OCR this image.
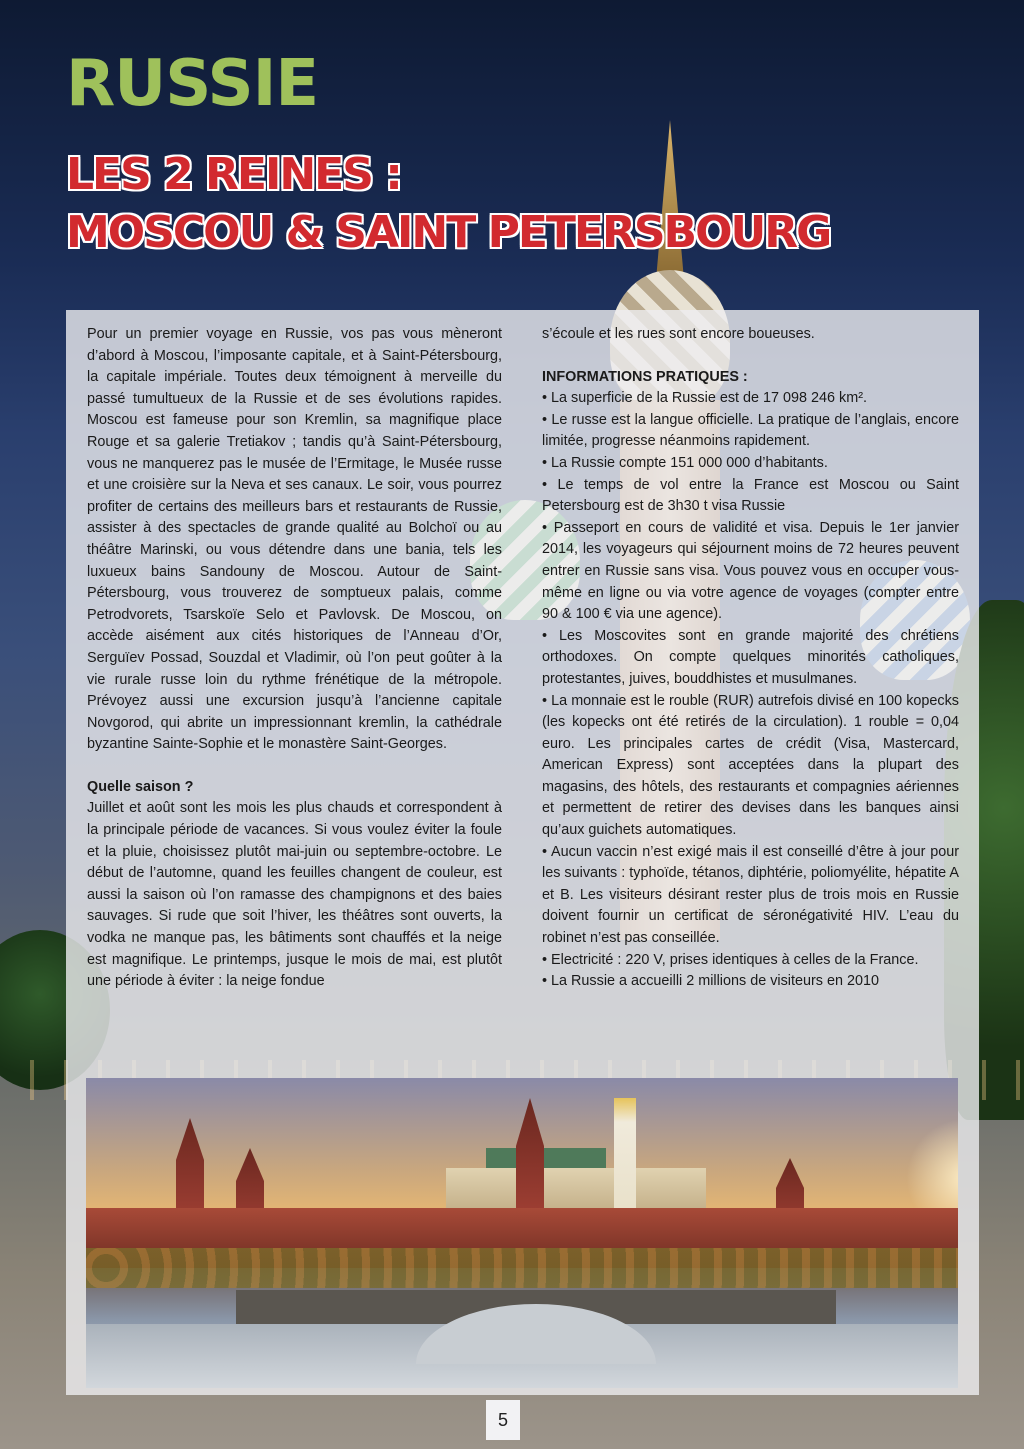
RUSSIE
LES 2 REINES :
MOSCOU & SAINT PETERSBOURG

Pour un premier voyage en Russie, vos pas vous mèneront d’abord à Moscou, l’imposante capitale, et à Saint-Pétersbourg, la capitale impériale. Toutes deux témoignent à merveille du passé tumultueux de la Russie et de ses évolutions rapides. Moscou est fameuse pour son Kremlin, sa magnifique place Rouge et sa galerie Tretiakov ; tandis qu’à Saint-Pétersbourg, vous ne manquerez pas le musée de l’Ermitage, le Musée russe et une croisière sur la Neva et ses canaux. Le soir, vous pourrez profiter de certains des meilleurs bars et restaurants de Russie, assister à des spectacles de grande qualité au Bolchoï ou au théâtre Marinski, ou vous détendre dans une bania, tels les luxueux bains Sandouny de Moscou. Autour de Saint- Pétersbourg, vous trouverez de somptueux palais, comme Petrodvorets, Tsarskoïe Selo et Pavlovsk. De Moscou, on accède aisément aux cités historiques de l’Anneau d’Or, Serguïev Possad, Souzdal et Vladimir, où l’on peut goûter à la vie rurale russe loin du rythme frénétique de la métropole. Prévoyez aussi une excursion jusqu’à l’ancienne capitale Novgorod, qui abrite un impressionnant kremlin, la cathédrale byzantine Sainte-Sophie et le monastère Saint-Georges.

Quelle saison ?

Juillet et août sont les mois les plus chauds et correspondent à la principale période de vacances. Si vous voulez éviter la foule et la pluie, choisissez plutôt mai-juin ou septembre-octobre. Le début de l’automne, quand les feuilles changent de couleur, est aussi la saison où l’on ramasse des champignons et des baies sauvages. Si rude que soit l’hiver, les théâtres sont ouverts, la vodka ne manque pas, les bâtiments sont chauffés et la neige est magnifique. Le printemps, jusque le mois de mai, est plutôt une période à éviter : la neige fondue

s’écoule et les rues sont encore boueuses.

INFORMATIONS PRATIQUES :

• La superficie de la Russie est de 17 098 246 km².
• Le russe est la langue officielle. La pratique de l’anglais, encore limitée, progresse néanmoins rapidement.
• La Russie compte 151 000 000 d’habitants.
• Le temps de vol entre la France est Moscou ou Saint Petersbourg est de 3h30 t visa Russie
• Passeport en cours de validité et visa. Depuis le 1er janvier 2014, les voyageurs qui séjournent moins de 72 heures peuvent entrer en Russie sans visa. Vous pouvez vous en occuper vous-même en ligne ou via votre agence de voyages (compter entre 90 & 100 € via une agence).
• Les Moscovites sont en grande majorité des chrétiens orthodoxes. On compte quelques minorités catholiques, protestantes, juives, bouddhistes et musulmanes.
• La monnaie est le rouble (RUR) autrefois divisé en 100 kopecks (les kopecks ont été retirés de la circulation). 1 rouble = 0,04 euro. Les principales cartes de crédit (Visa, Mastercard, American Express) sont acceptées dans la plupart des magasins, des hôtels, des restaurants et compagnies aériennes et permettent de retirer des devises dans les banques ainsi qu’aux guichets automatiques.
• Aucun vaccin n’est exigé mais il est conseillé d’être à jour pour les suivants : typhoïde, tétanos, diphtérie, poliomyélite, hépatite A et B. Les visiteurs désirant rester plus de trois mois en Russie doivent fournir un certificat de séronégativité HIV. L’eau du robinet n’est pas conseillée.
• Electricité : 220 V, prises identiques à celles de la France.
• La Russie a accueilli 2 millions de visiteurs en 2010
5
